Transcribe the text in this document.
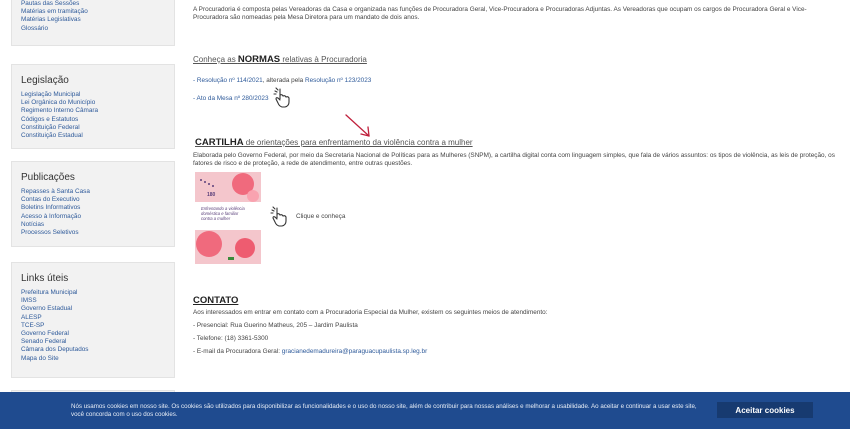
Pautas das Sessões
Matérias em tramitação
Matérias Legislativas
Glossário
Legislação
Legislação Municipal
Lei Orgânica do Município
Regimento Interno Câmara
Códigos e Estatutos
Constituição Federal
Constituição Estadual
Publicações
Repasses à Santa Casa
Contas do Executivo
Boletins Informativos
Acesso à Informação
Notícias
Processos Seletivos
Links úteis
Prefeitura Municipal
IMSS
Governo Estadual
ALESP
TCE-SP
Governo Federal
Senado Federal
Câmara dos Deputados
Mapa do Site

A Procuradoria é composta pelas Vereadoras da Casa e organizada nas funções de Procuradora Geral, Vice-Procuradora e Procuradoras Adjuntas. As Vereadoras que ocupam os cargos de Procuradora Geral e Vice-Procuradora são nomeadas pela Mesa Diretora para um mandato de dois anos.

Conheça as NORMAS relativas à Procuradoria
- Resolução nº 114/2021, alterada pela Resolução nº 123/2023
- Ato da Mesa nº 280/2023
CARTILHA de orientações para enfrentamento da violência contra a mulher

Elaborada pelo Governo Federal, por meio da Secretaria Nacional de Políticas para as Mulheres (SNPM), a cartilha digital conta com linguagem simples, que fala de vários assuntos: os tipos de violência, as leis de proteção, os fatores de risco e de proteção, a rede de atendimento, entre outras questões.

180
Enfrentando a violência doméstica e familiar contra a mulher	Clique e conheça
CONTATO

Aos interessados em entrar em contato com a Procuradoria Especial da Mulher, existem os seguintes meios de atendimento:

- Presencial: Rua Guerino Matheus, 205 – Jardim Paulista

- Telefone: (18) 3361-5300

- E-mail da Procuradora Geral: gracianedemadureira@paraguacupaulista.sp.leg.br

Nós usamos cookies em nosso site. Os cookies são utilizados para disponibilizar as funcionalidades e o uso do nosso site, além de contribuir para nossas análises e melhorar a usabilidade. Ao aceitar e continuar a usar este site, você concorda com o uso dos cookies.	Aceitar cookies
